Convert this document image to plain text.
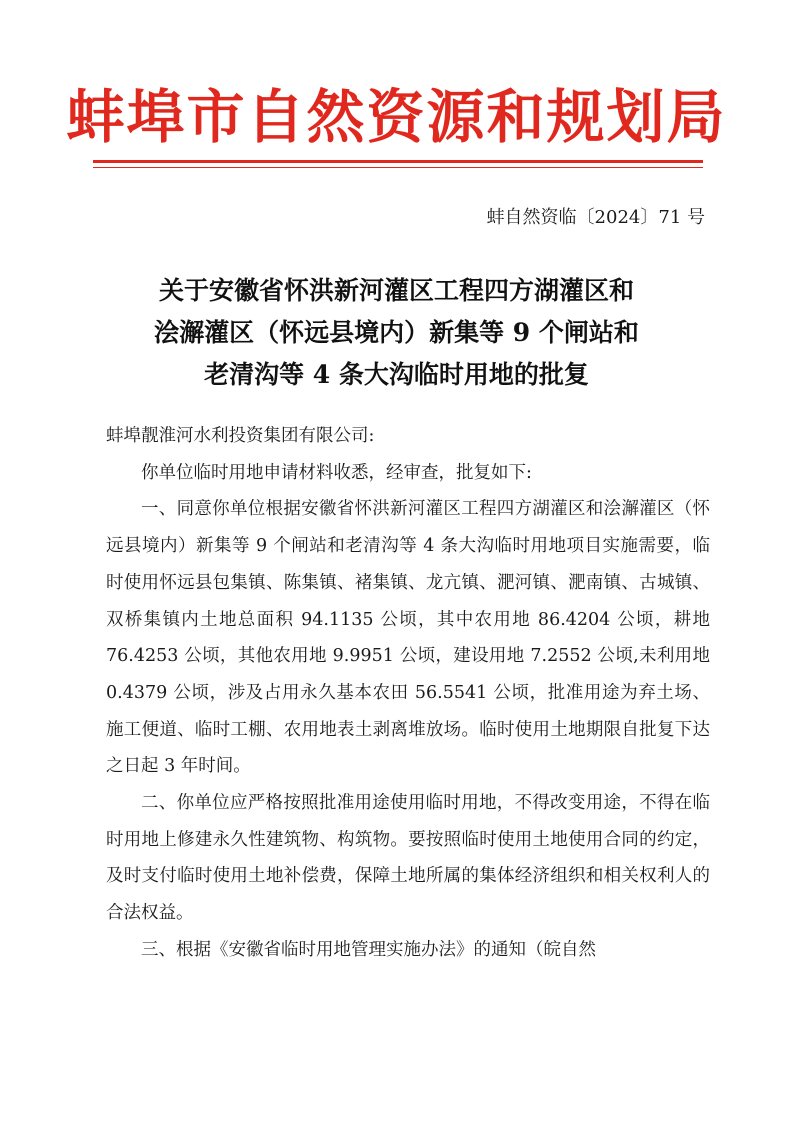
蚌埠市自然资源和规划局
蚌自然资临〔2024〕71 号
关于安徽省怀洪新河灌区工程四方湖灌区和
浍澥灌区（怀远县境内）新集等 9 个闸站和
老清沟等 4 条大沟临时用地的批复

蚌埠靓淮河水利投资集团有限公司:

你单位临时用地申请材料收悉，经审查，批复如下:

一、同意你单位根据安徽省怀洪新河灌区工程四方湖灌区和浍澥灌区（怀远县境内）新集等 9 个闸站和老清沟等 4 条大沟临时用地项目实施需要，临时使用怀远县包集镇、陈集镇、褚集镇、龙亢镇、淝河镇、淝南镇、古城镇、双桥集镇内土地总面积 94.1135 公顷，其中农用地 86.4204 公顷，耕地 76.4253 公顷，其他农用地 9.9951 公顷，建设用地 7.2552 公顷,未利用地 0.4379 公顷，涉及占用永久基本农田 56.5541 公顷，批准用途为弃土场、施工便道、临时工棚、农用地表土剥离堆放场。临时使用土地期限自批复下达之日起 3 年时间。

二、你单位应严格按照批准用途使用临时用地，不得改变用途，不得在临时用地上修建永久性建筑物、构筑物。要按照临时使用土地使用合同的约定，及时支付临时使用土地补偿费，保障土地所属的集体经济组织和相关权利人的合法权益。

三、根据《安徽省临时用地管理实施办法》的通知（皖自然
